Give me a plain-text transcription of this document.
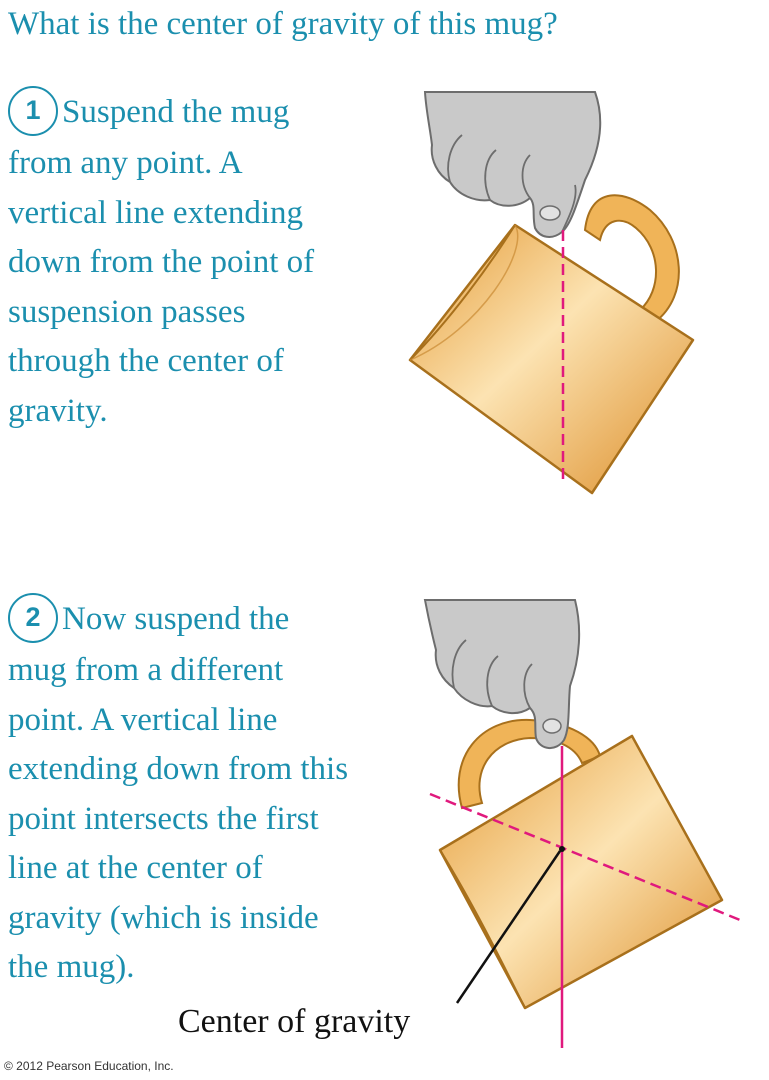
What is the center of gravity of this mug?
1 Suspend the mug
from any point. A
vertical line extending
down from the point of
suspension passes
through the center of
gravity.
2 Now suspend the
mug from a different
point. A vertical line
extending down from this
point intersects the first
line at the center of
gravity (which is inside
the mug).
Center of gravity
© 2012 Pearson Education, Inc.
